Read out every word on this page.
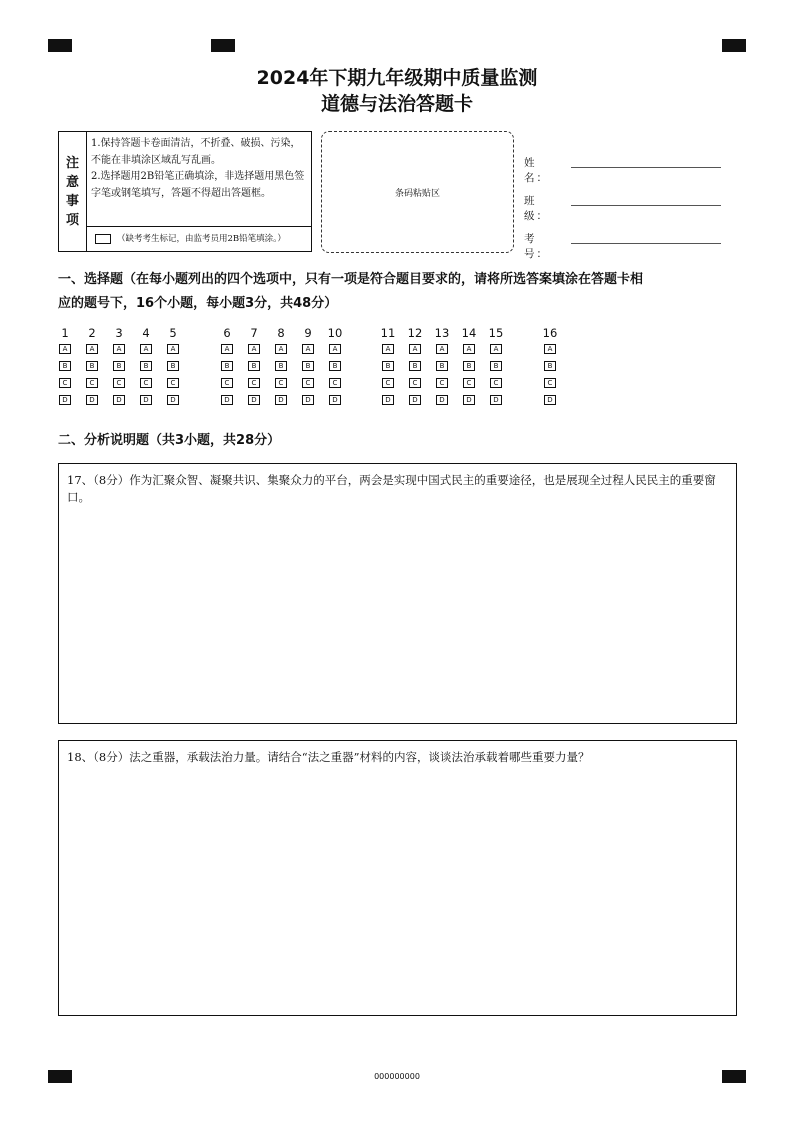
2024年下期九年级期中质量监测
道德与法治答题卡
注
意
事
项
1.保持答题卡卷面清洁，不折叠、破损、污染，不能在非填涂区域乱写乱画。
2.选择题用2B铅笔正确填涂，非选择题用黑色签字笔或钢笔填写，答题不得超出答题框。
（缺考考生标记，由监考员用2B铅笔填涂。）
条码粘贴区
姓　名：
班　级：
考　号：
一、选择题（在每小题列出的四个选项中，只有一项是符合题目要求的，请将所选答案填涂在答题卡相
应的题号下，16个小题，每小题3分，共48分）
1
A
B
C
D
2
A
B
C
D
3
A
B
C
D
4
A
B
C
D
5
A
B
C
D
6
A
B
C
D
7
A
B
C
D
8
A
B
C
D
9
A
B
C
D
10
A
B
C
D
11
A
B
C
D
12
A
B
C
D
13
A
B
C
D
14
A
B
C
D
15
A
B
C
D
16
A
B
C
D
二、分析说明题（共3小题，共28分）
17、（8分）作为汇聚众智、凝聚共识、集聚众力的平台，两会是实现中国式民主的重要途径，也是展现全过程人民民主的重要窗口。
18、（8分）法之重器，承载法治力量。请结合“法之重器”材料的内容，谈谈法治承载着哪些重要力量？
000000000
